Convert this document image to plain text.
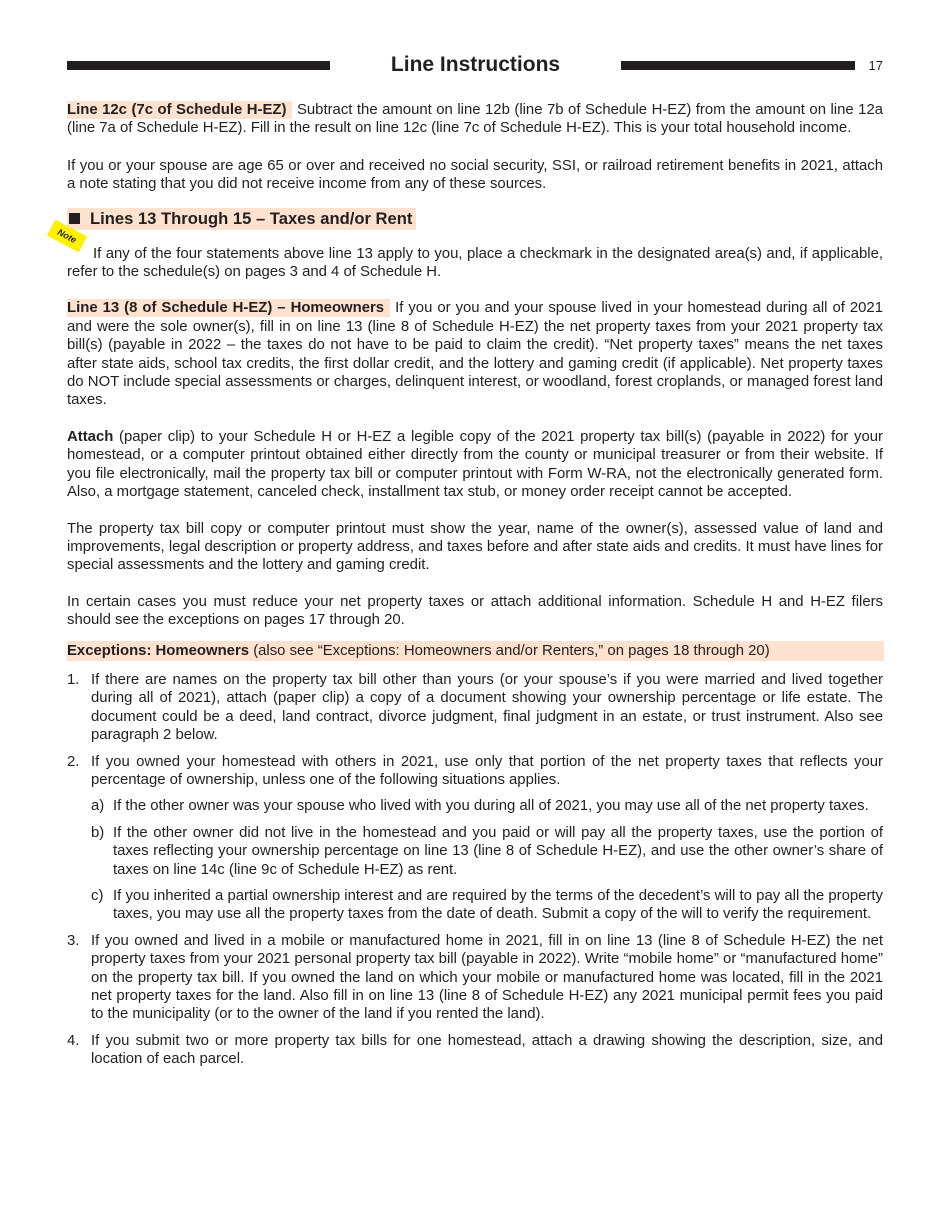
Line Instructions	17

Line 12c (7c of Schedule H-EZ) Subtract the amount on line 12b (line 7b of Schedule H-EZ) from the amount on line 12a (line 7a of Schedule H-EZ). Fill in the result on line 12c (line 7c of Schedule H-EZ). This is your total household income.

If you or your spouse are age 65 or over and received no social security, SSI, or railroad retirement benefits in 2021, attach a note stating that you did not receive income from any of these sources.

Lines 13 Through 15 – Taxes and/or Rent

Note
If any of the four statements above line 13 apply to you, place a checkmark in the designated area(s) and, if applicable, refer to the schedule(s) on pages 3 and 4 of Schedule H.

Line 13 (8 of Schedule H-EZ) – Homeowners If you or you and your spouse lived in your homestead during all of 2021 and were the sole owner(s), fill in on line 13 (line 8 of Schedule H-EZ) the net property taxes from your 2021 property tax bill(s) (payable in 2022 – the taxes do not have to be paid to claim the credit). “Net property taxes” means the net taxes after state aids, school tax credits, the first dollar credit, and the lottery and gaming credit (if applicable). Net property taxes do NOT include special assessments or charges, delinquent interest, or woodland, forest croplands, or managed forest land taxes.

Attach (paper clip) to your Schedule H or H-EZ a legible copy of the 2021 property tax bill(s) (payable in 2022) for your homestead, or a computer printout obtained either directly from the county or municipal treasurer or from their website. If you file electronically, mail the property tax bill or computer printout with Form W-RA, not the electronically generated form. Also, a mortgage statement, canceled check, installment tax stub, or money order receipt cannot be accepted.

The property tax bill copy or computer printout must show the year, name of the owner(s), assessed value of land and improvements, legal description or property address, and taxes before and after state aids and credits. It must have lines for special assessments and the lottery and gaming credit.

In certain cases you must reduce your net property taxes or attach additional information. Schedule H and H-EZ filers should see the exceptions on pages 17 through 20.

Exceptions: Homeowners (also see “Exceptions: Homeowners and/or Renters,” on pages 18 through 20)

1. If there are names on the property tax bill other than yours (or your spouse’s if you were married and lived together during all of 2021), attach (paper clip) a copy of a document showing your ownership percentage or life estate. The document could be a deed, land contract, divorce judgment, final judgment in an estate, or trust instrument. Also see paragraph 2 below.
2. If you owned your homestead with others in 2021, use only that portion of the net property taxes that reflects your percentage of ownership, unless one of the following situations applies.
a) If the other owner was your spouse who lived with you during all of 2021, you may use all of the net property taxes.
b) If the other owner did not live in the homestead and you paid or will pay all the property taxes, use the portion of taxes reflecting your ownership percentage on line 13 (line 8 of Schedule H-EZ), and use the other owner’s share of taxes on line 14c (line 9c of Schedule H-EZ) as rent.
c) If you inherited a partial ownership interest and are required by the terms of the decedent’s will to pay all the property taxes, you may use all the property taxes from the date of death. Submit a copy of the will to verify the requirement.
3. If you owned and lived in a mobile or manufactured home in 2021, fill in on line 13 (line 8 of Schedule H-EZ) the net property taxes from your 2021 personal property tax bill (payable in 2022). Write “mobile home” or “manufactured home” on the property tax bill. If you owned the land on which your mobile or manufactured home was located, fill in the 2021 net property taxes for the land. Also fill in on line 13 (line 8 of Schedule H-EZ) any 2021 municipal permit fees you paid to the municipality (or to the owner of the land if you rented the land).
4. If you submit two or more property tax bills for one homestead, attach a drawing showing the description, size, and location of each parcel.
